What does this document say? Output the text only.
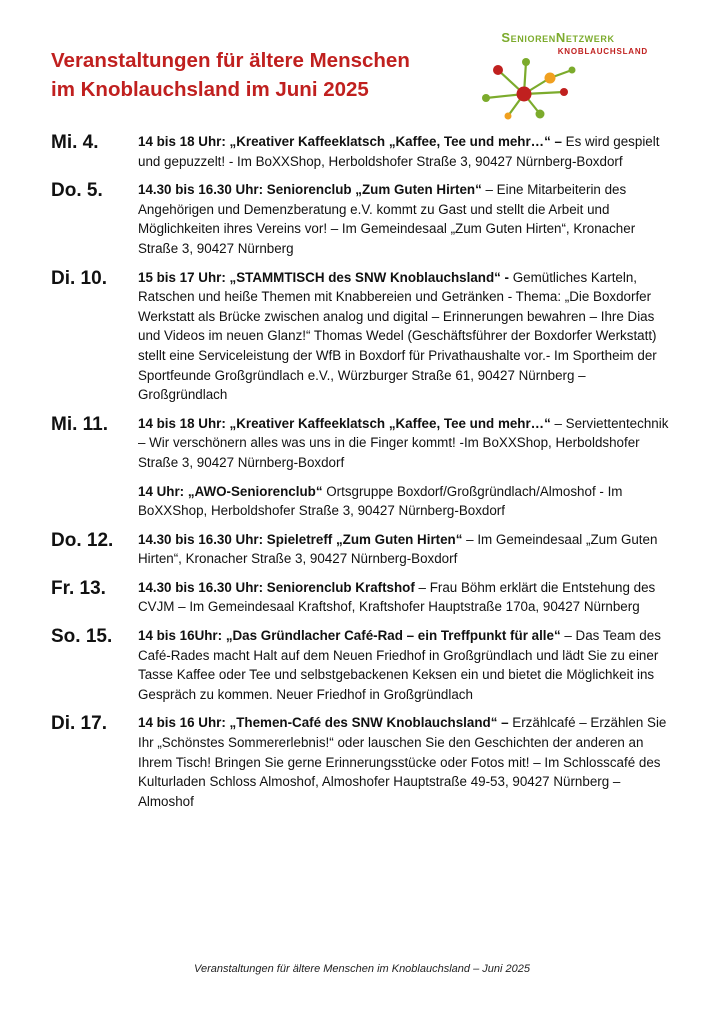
Veranstaltungen für ältere Menschen
im Knoblauchsland im Juni 2025
SeniorenNetzwerk
KNOBLAUCHSLAND
Mi. 4.	14 bis 18 Uhr: „Kreativer Kaffeeklatsch „Kaffee, Tee und mehr…“ – Es wird gespielt und gepuzzelt! - Im BoXXShop, Herboldshofer Straße 3, 90427 Nürnberg-Boxdorf
Do. 5.	14.30 bis 16.30 Uhr: Seniorenclub „Zum Guten Hirten“ – Eine Mitarbeiterin des Angehörigen und Demenzberatung e.V. kommt zu Gast und stellt die Arbeit und Möglichkeiten ihres Vereins vor! – Im Gemeindesaal „Zum Guten Hirten“, Kronacher Straße 3, 90427 Nürnberg
Di. 10.	15 bis 17 Uhr: „STAMMTISCH des SNW Knoblauchsland“ - Gemütliches Karteln, Ratschen und heiße Themen mit Knabbereien und Getränken - Thema: „Die Boxdorfer Werkstatt als Brücke zwischen analog und digital – Erinnerungen bewahren – Ihre Dias und Videos im neuen Glanz!“ Thomas Wedel (Geschäftsführer der Boxdorfer Werkstatt) stellt eine Serviceleistung der WfB in Boxdorf für Privathaushalte vor.- Im Sportheim der Sportfeunde Großgründlach e.V., Würzburger Straße 61, 90427 Nürnberg – Großgründlach
Mi. 11.	14 bis 18 Uhr: „Kreativer Kaffeeklatsch „Kaffee, Tee und mehr…“ – Serviettentechnik – Wir verschönern alles was uns in die Finger kommt! -Im BoXXShop, Herboldshofer Straße 3, 90427 Nürnberg-Boxdorf
14 Uhr: „AWO-Seniorenclub“ Ortsgruppe Boxdorf/Großgründlach/Almoshof - Im BoXXShop, Herboldshofer Straße 3, 90427 Nürnberg-Boxdorf
Do. 12.	14.30 bis 16.30 Uhr: Spieletreff „Zum Guten Hirten“ – Im Gemeindesaal „Zum Guten Hirten“, Kronacher Straße 3, 90427 Nürnberg-Boxdorf
Fr. 13.	14.30 bis 16.30 Uhr: Seniorenclub Kraftshof – Frau Böhm erklärt die Entstehung des CVJM – Im Gemeindesaal Kraftshof, Kraftshofer Hauptstraße 170a, 90427 Nürnberg
So. 15.	14 bis 16Uhr: „Das Gründlacher Café-Rad – ein Treffpunkt für alle“ – Das Team des Café-Rades macht Halt auf dem Neuen Friedhof in Großgründlach und lädt Sie zu einer Tasse Kaffee oder Tee und selbstgebackenen Keksen ein und bietet die Möglichkeit ins Gespräch zu kommen. Neuer Friedhof in Großgründlach
Di. 17.	14 bis 16 Uhr: „Themen-Café des SNW Knoblauchsland“ – Erzählcafé – Erzählen Sie Ihr „Schönstes Sommererlebnis!“ oder lauschen Sie den Geschichten der anderen an Ihrem Tisch! Bringen Sie gerne Erinnerungsstücke oder Fotos mit! – Im Schlosscafé des Kulturladen Schloss Almoshof, Almoshofer Hauptstraße 49-53, 90427 Nürnberg – Almoshof
Veranstaltungen für ältere Menschen im Knoblauchsland – Juni 2025
